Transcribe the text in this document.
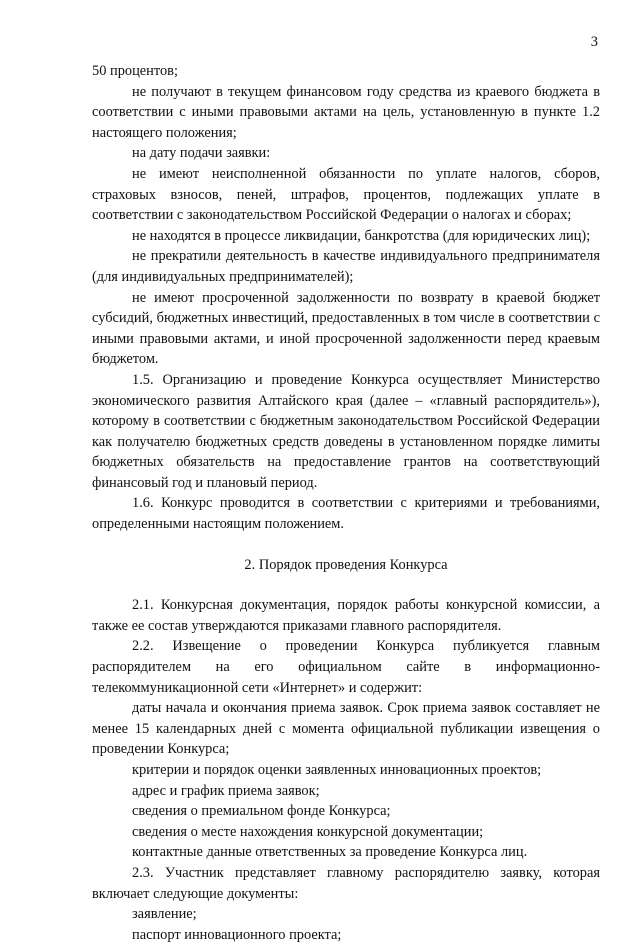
3

50 процентов;

не получают в текущем финансовом году средства из краевого бюджета в соответствии с иными правовыми актами на цель, установленную в пункте 1.2 настоящего положения;

на дату подачи заявки:

не имеют неисполненной обязанности по уплате налогов, сборов, страховых взносов, пеней, штрафов, процентов, подлежащих уплате в соответствии с законодательством Российской Федерации о налогах и сборах;

не находятся в процессе ликвидации, банкротства (для юридических лиц);

не прекратили деятельность в качестве индивидуального предпринимателя (для индивидуальных предпринимателей);

не имеют просроченной задолженности по возврату в краевой бюджет субсидий, бюджетных инвестиций, предоставленных в том числе в соответствии с иными правовыми актами, и иной просроченной задолженности перед краевым бюджетом.

1.5. Организацию и проведение Конкурса осуществляет Министерство экономического развития Алтайского края (далее – «главный распорядитель»), которому в соответствии с бюджетным законодательством Российской Федерации как получателю бюджетных средств доведены в установленном порядке лимиты бюджетных обязательств на предоставление грантов на соответствующий финансовый год и плановый период.

1.6. Конкурс проводится в соответствии с критериями и требованиями, определенными настоящим положением.

2. Порядок проведения Конкурса

2.1. Конкурсная документация, порядок работы конкурсной комиссии, а также ее состав утверждаются приказами главного распорядителя.

2.2. Извещение о проведении Конкурса публикуется главным распорядителем на его официальном сайте в информационно-телекоммуникационной сети «Интернет» и содержит:

даты начала и окончания приема заявок. Срок приема заявок составляет не менее 15 календарных дней с момента официальной публикации извещения о проведении Конкурса;

критерии и порядок оценки заявленных инновационных проектов;

адрес и график приема заявок;

сведения о премиальном фонде Конкурса;

сведения о месте нахождения конкурсной документации;

контактные данные ответственных за проведение Конкурса лиц.

2.3. Участник представляет главному распорядителю заявку, которая включает следующие документы:

заявление;

паспорт инновационного проекта;
